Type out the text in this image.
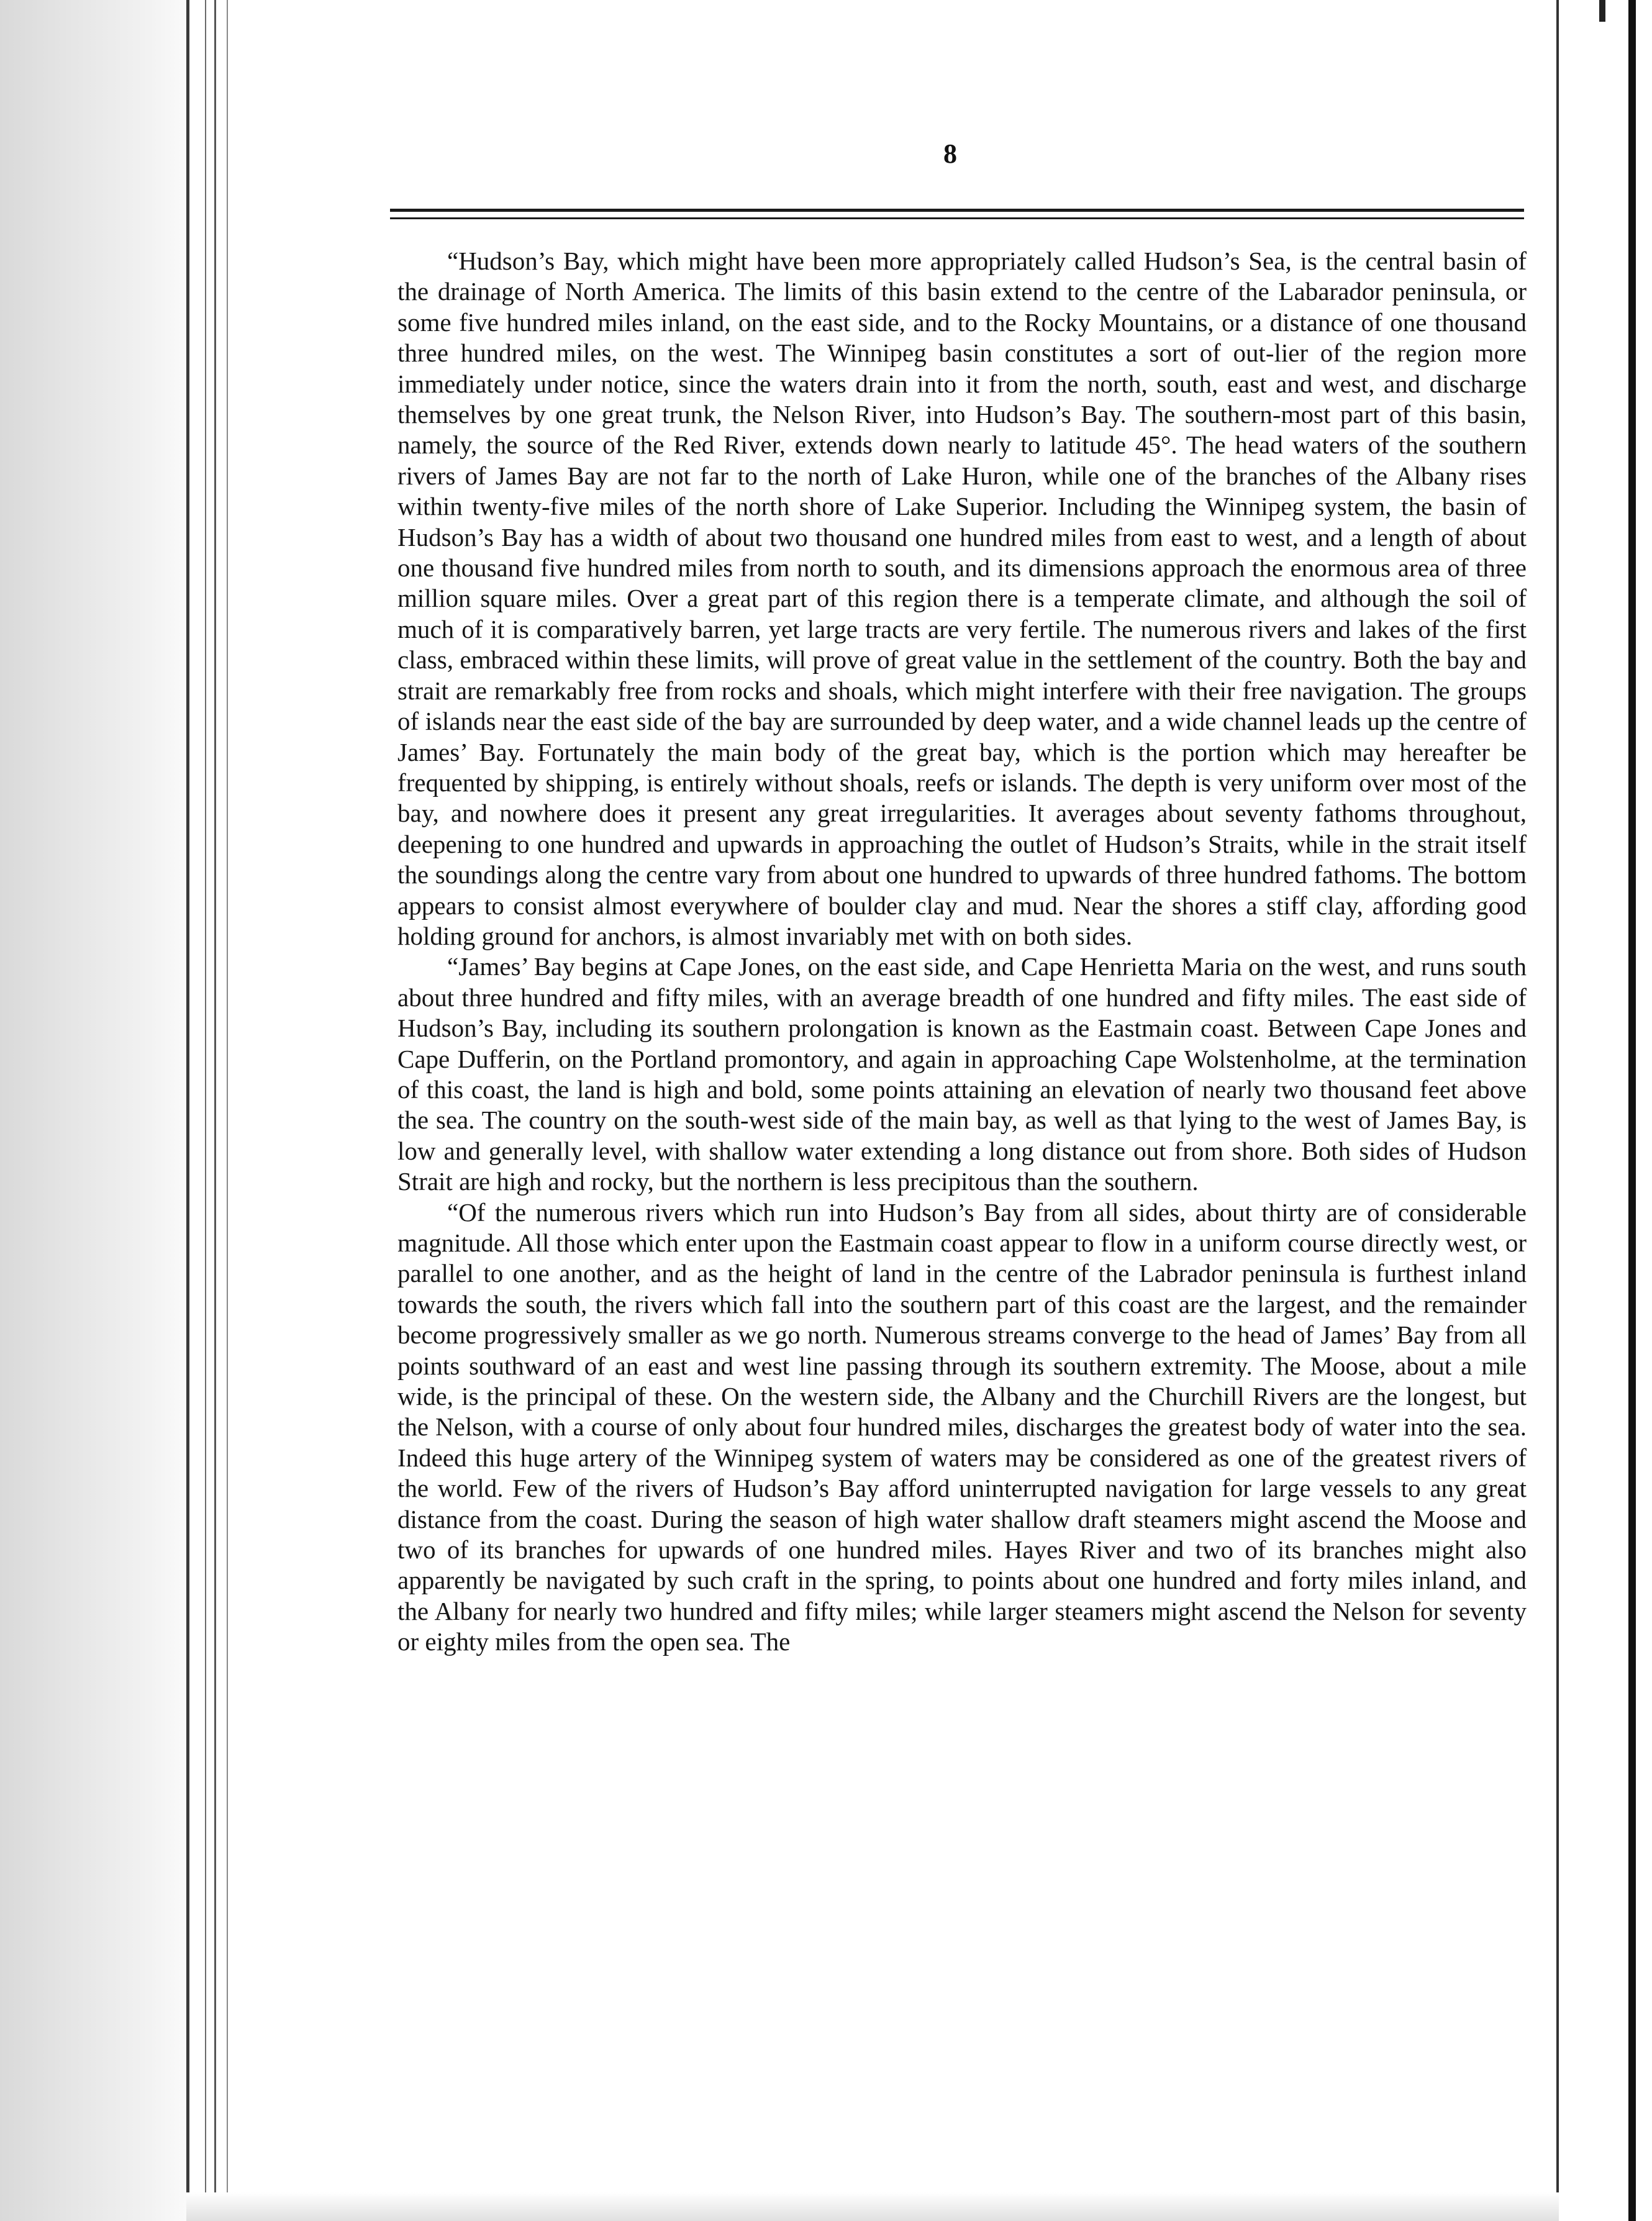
8

“Hudson’s Bay, which might have been more appropriately called Hudson’s Sea, is the central basin of the drainage of North America. The limits of this basin extend to the centre of the Labarador peninsula, or some five hundred miles inland, on the east side, and to the Rocky Mountains, or a distance of one thousand three hundred miles, on the west. The Winnipeg basin constitutes a sort of out-lier of the region more immediately under notice, since the waters drain into it from the north, south, east and west, and discharge themselves by one great trunk, the Nelson River, into Hudson’s Bay. The southern-most part of this basin, namely, the source of the Red River, extends down nearly to latitude 45°. The head waters of the southern rivers of James Bay are not far to the north of Lake Huron, while one of the branches of the Albany rises within twenty-five miles of the north shore of Lake Superior. Including the Winnipeg system, the basin of Hudson’s Bay has a width of about two thousand one hundred miles from east to west, and a length of about one thousand five hundred miles from north to south, and its dimensions approach the enormous area of three million square miles. Over a great part of this region there is a temperate climate, and although the soil of much of it is comparatively barren, yet large tracts are very fertile. The numerous rivers and lakes of the first class, embraced within these limits, will prove of great value in the settlement of the country. Both the bay and strait are remarkably free from rocks and shoals, which might interfere with their free navigation. The groups of islands near the east side of the bay are surrounded by deep water, and a wide channel leads up the centre of James’ Bay. Fortunately the main body of the great bay, which is the portion which may hereafter be frequented by shipping, is entirely without shoals, reefs or islands. The depth is very uniform over most of the bay, and nowhere does it present any great irregularities. It averages about seventy fathoms throughout, deepening to one hundred and upwards in approaching the outlet of Hudson’s Straits, while in the strait itself the soundings along the centre vary from about one hundred to upwards of three hundred fathoms. The bottom appears to consist almost everywhere of boulder clay and mud. Near the shores a stiff clay, affording good holding ground for anchors, is almost invariably met with on both sides.

“James’ Bay begins at Cape Jones, on the east side, and Cape Henrietta Maria on the west, and runs south about three hundred and fifty miles, with an average breadth of one hundred and fifty miles. The east side of Hudson’s Bay, including its southern prolongation is known as the Eastmain coast. Between Cape Jones and Cape Dufferin, on the Portland promontory, and again in approaching Cape Wolstenholme, at the termination of this coast, the land is high and bold, some points attaining an elevation of nearly two thousand feet above the sea. The country on the south-west side of the main bay, as well as that lying to the west of James Bay, is low and generally level, with shallow water extending a long distance out from shore. Both sides of Hudson Strait are high and rocky, but the northern is less precipitous than the southern.

“Of the numerous rivers which run into Hudson’s Bay from all sides, about thirty are of considerable magnitude. All those which enter upon the Eastmain coast appear to flow in a uniform course directly west, or parallel to one another, and as the height of land in the centre of the Labrador peninsula is furthest inland towards the south, the rivers which fall into the southern part of this coast are the largest, and the remainder become progressively smaller as we go north. Numerous streams converge to the head of James’ Bay from all points southward of an east and west line passing through its southern extremity. The Moose, about a mile wide, is the principal of these. On the western side, the Albany and the Churchill Rivers are the longest, but the Nelson, with a course of only about four hundred miles, discharges the greatest body of water into the sea. Indeed this huge artery of the Winnipeg system of waters may be considered as one of the greatest rivers of the world. Few of the rivers of Hudson’s Bay afford uninterrupted navigation for large vessels to any great distance from the coast. During the season of high water shallow draft steamers might ascend the Moose and two of its branches for upwards of one hundred miles. Hayes River and two of its branches might also apparently be navigated by such craft in the spring, to points about one hundred and forty miles inland, and the Albany for nearly two hundred and fifty miles; while larger steamers might ascend the Nelson for seventy or eighty miles from the open sea. The
